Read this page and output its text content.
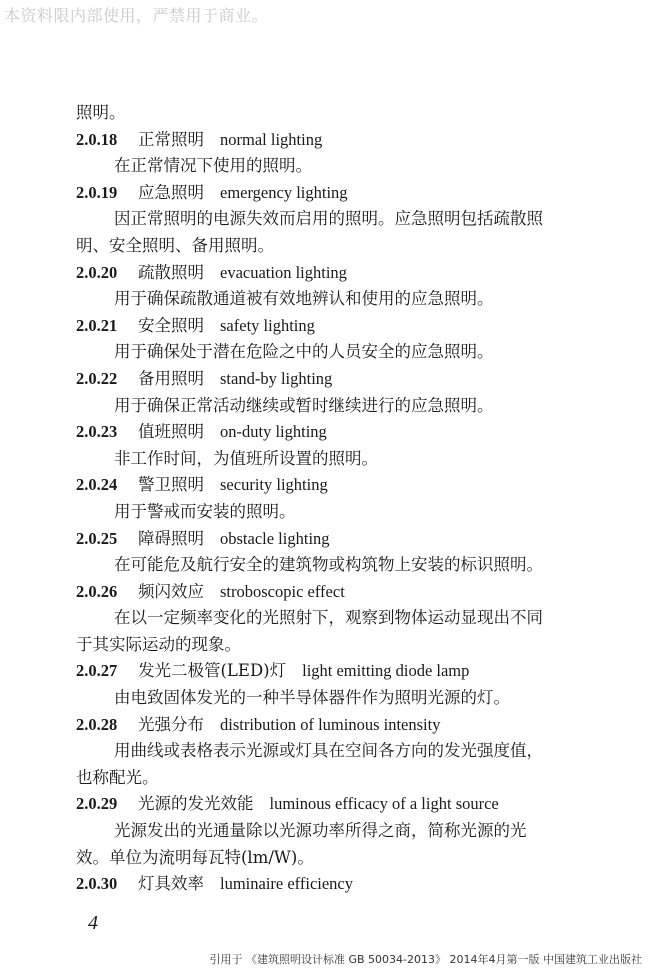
本资料限内部使用，严禁用于商业。
照明。
2.0.18 正常照明 normal lighting
在正常情况下使用的照明。
2.0.19 应急照明 emergency lighting
因正常照明的电源失效而启用的照明。应急照明包括疏散照
明、安全照明、备用照明。
2.0.20 疏散照明 evacuation lighting
用于确保疏散通道被有效地辨认和使用的应急照明。
2.0.21 安全照明 safety lighting
用于确保处于潜在危险之中的人员安全的应急照明。
2.0.22 备用照明 stand-by lighting
用于确保正常活动继续或暂时继续进行的应急照明。
2.0.23 值班照明 on-duty lighting
非工作时间，为值班所设置的照明。
2.0.24 警卫照明 security lighting
用于警戒而安装的照明。
2.0.25 障碍照明 obstacle lighting
在可能危及航行安全的建筑物或构筑物上安装的标识照明。
2.0.26 频闪效应 stroboscopic effect
在以一定频率变化的光照射下，观察到物体运动显现出不同
于其实际运动的现象。
2.0.27 发光二极管(LED)灯 light emitting diode lamp
由电致固体发光的一种半导体器件作为照明光源的灯。
2.0.28 光强分布 distribution of luminous intensity
用曲线或表格表示光源或灯具在空间各方向的发光强度值，
也称配光。
2.0.29 光源的发光效能 luminous efficacy of a light source
光源发出的光通量除以光源功率所得之商，简称光源的光
效。单位为流明每瓦特(lm/W)。
2.0.30 灯具效率 luminaire efficiency
4
引用于 《建筑照明设计标准 GB 50034-2013》 2014年4月第一版 中国建筑工业出版社
